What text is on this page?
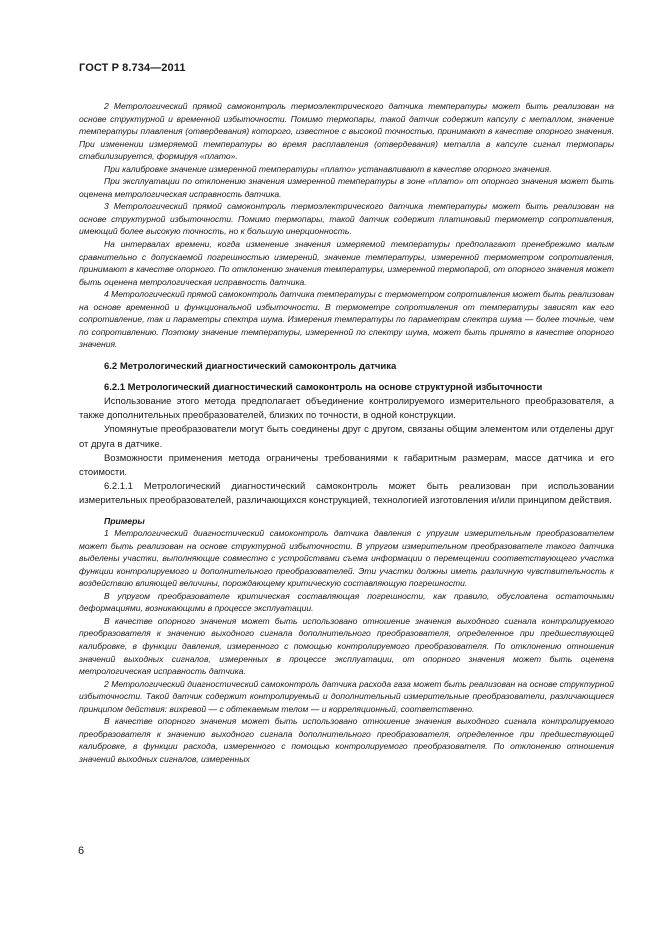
ГОСТ Р 8.734—2011

2 Метрологический прямой самоконтроль термоэлектрического датчика температуры может быть реализован на основе структурной и временной избыточности. Помимо термопары, такой датчик содержит капсулу с металлом, значение температуры плавления (отвердевания) которого, известное с высокой точностью, принимают в качестве опорного значения. При изменении измеряемой температуры во время расплавления (отвердевания) металла в капсуле сигнал термопары стабилизируется, формируя «плато».

При калибровке значение измеренной температуры «плато» устанавливают в качестве опорного значения.

При эксплуатации по отклонению значения измеренной температуры в зоне «плато» от опорного значения может быть оценена метрологическая исправность датчика.

3 Метрологический прямой самоконтроль термоэлектрического датчика температуры может быть реализован на основе структурной избыточности. Помимо термопары, такой датчик содержит платиновый термометр сопротивления, имеющий более высокую точность, но к большую инерционность.

На интервалах времени, когда изменение значения измеряемой температуры предполагают пренебрежимо малым сравнительно с допускаемой погрешностью измерений, значение температуры, измеренной термометром сопротивления, принимают в качестве опорного. По отклонению значения температуры, измеренной термопарой, от опорного значения может быть оценена метрологическая исправность датчика.

4 Метрологический прямой самоконтроль датчика температуры с термометром сопротивления может быть реализован на основе временной и функциональной избыточности. В термометре сопротивления от температуры зависят как его сопротивление, так и параметры спектра шума. Измерения температуры по параметрам спектра шума — более точные, чем по сопротивлению. Поэтому значение температуры, измеренной по спектру шума, может быть принято в качестве опорного значения.

6.2 Метрологический диагностический самоконтроль датчика

6.2.1 Метрологический диагностический самоконтроль на основе структурной избыточности

Использование этого метода предполагает объединение контролируемого измерительного преобразователя, а также дополнительных преобразователей, близких по точности, в одной конструкции.

Упомянутые преобразователи могут быть соединены друг с другом, связаны общим элементом или отделены друг от друга в датчике.

Возможности применения метода ограничены требованиями к габаритным размерам, массе датчика и его стоимости.

6.2.1.1 Метрологический диагностический самоконтроль может быть реализован при использовании измерительных преобразователей, различающихся конструкцией, технологией изготовления и/или принципом действия.

Примеры

1 Метрологический диагностический самоконтроль датчика давления с упругим измерительным преобразователем может быть реализован на основе структурной избыточности. В упругом измерительном преобразователе такого датчика выделены участки, выполняющие совместно с устройствами съема информации о перемещении соответствующего участка функции контролируемого и дополнительного преобразователей. Эти участки должны иметь различную чувствительность к воздействию влияющей величины, порождающему критическую составляющую погрешности.

В упругом преобразователе критическая составляющая погрешности, как правило, обусловлена остаточными деформациями, возникающими в процессе эксплуатации.

В качестве опорного значения может быть использовано отношение значения выходного сигнала контролируемого преобразователя к значению выходного сигнала дополнительного преобразователя, определенное при предшествующей калибровке, в функции давления, измеренного с помощью контролируемого преобразователя. По отклонению отношения значений выходных сигналов, измеренных в процессе эксплуатации, от опорного значения может быть оценена метрологическая исправность датчика.

2 Метрологический диагностический самоконтроль датчика расхода газа может быть реализован на основе структурной избыточности. Такой датчик содержит контролируемый и дополнительный измерительные преобразователи, различающиеся принципом действия: вихревой — с обтекаемым телом — и корреляционный, соответственно.

В качестве опорного значения может быть использовано отношение значения выходного сигнала контролируемого преобразователя к значению выходного сигнала дополнительного преобразователя, определенное при предшествующей калибровке, в функции расхода, измеренного с помощью контролируемого преобразователя. По отклонению отношения значений выходных сигналов, измеренных

6
